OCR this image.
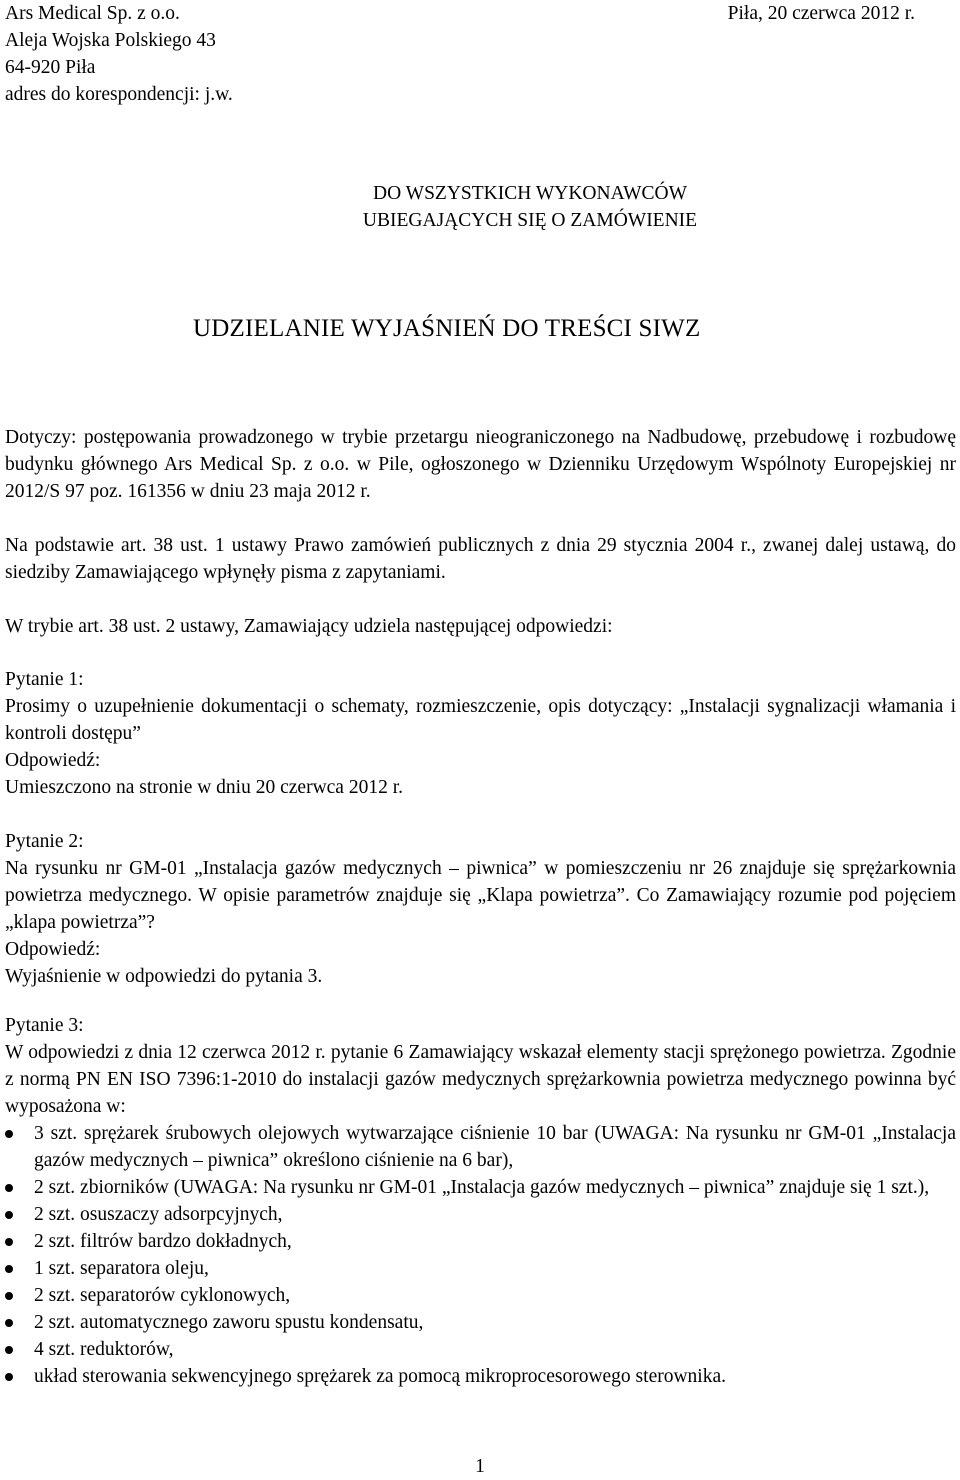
Ars Medical Sp. z o.o.
Aleja Wojska Polskiego 43
64-920 Piła
adres do korespondencji: j.w.
Piła, 20 czerwca 2012 r.
DO WSZYSTKICH WYKONAWCÓW
UBIEGAJĄCYCH SIĘ O ZAMÓWIENIE
UDZIELANIE WYJAŚNIEŃ DO TREŚCI SIWZ

Dotyczy: postępowania prowadzonego w trybie przetargu nieograniczonego na Nadbudowę, przebudowę i rozbudowę budynku głównego Ars Medical Sp. z o.o. w Pile, ogłoszonego w Dzienniku Urzędowym Wspólnoty Europejskiej nr 2012/S 97 poz. 161356 w dniu 23 maja 2012 r.

Na podstawie art. 38 ust. 1 ustawy Prawo zamówień publicznych z dnia 29 stycznia 2004 r., zwanej dalej ustawą, do siedziby Zamawiającego wpłynęły pisma z zapytaniami.

W trybie art. 38 ust. 2 ustawy, Zamawiający udziela następującej odpowiedzi:

Pytanie 1:

Prosimy o uzupełnienie dokumentacji o schematy, rozmieszczenie, opis dotyczący: „Instalacji sygnalizacji włamania i kontroli dostępu”

Odpowiedź:

Umieszczono na stronie w dniu 20 czerwca 2012 r.

Pytanie 2:

Na rysunku nr GM-01 „Instalacja gazów medycznych – piwnica” w pomieszczeniu nr 26 znajduje się sprężarkownia powietrza medycznego. W opisie parametrów znajduje się „Klapa powietrza”. Co Zamawiający rozumie pod pojęciem „klapa powietrza”?

Odpowiedź:

Wyjaśnienie w odpowiedzi do pytania 3.

Pytanie 3:

W odpowiedzi z dnia 12 czerwca 2012 r. pytanie 6 Zamawiający wskazał elementy stacji sprężonego powietrza. Zgodnie z normą PN EN ISO 7396:1-2010 do instalacji gazów medycznych sprężarkownia powietrza medycznego powinna być wyposażona w:

3 szt. sprężarek śrubowych olejowych wytwarzające ciśnienie 10 bar (UWAGA: Na rysunku nr GM-01 „Instalacja gazów medycznych – piwnica” określono ciśnienie na 6 bar),
2 szt. zbiorników (UWAGA: Na rysunku nr GM-01 „Instalacja gazów medycznych – piwnica” znajduje się 1 szt.),
2 szt. osuszaczy adsorpcyjnych,
2 szt. filtrów bardzo dokładnych,
1 szt. separatora oleju,
2 szt. separatorów cyklonowych,
2 szt. automatycznego zaworu spustu kondensatu,
4 szt. reduktorów,
układ sterowania sekwencyjnego sprężarek za pomocą mikroprocesorowego sterownika.
1
